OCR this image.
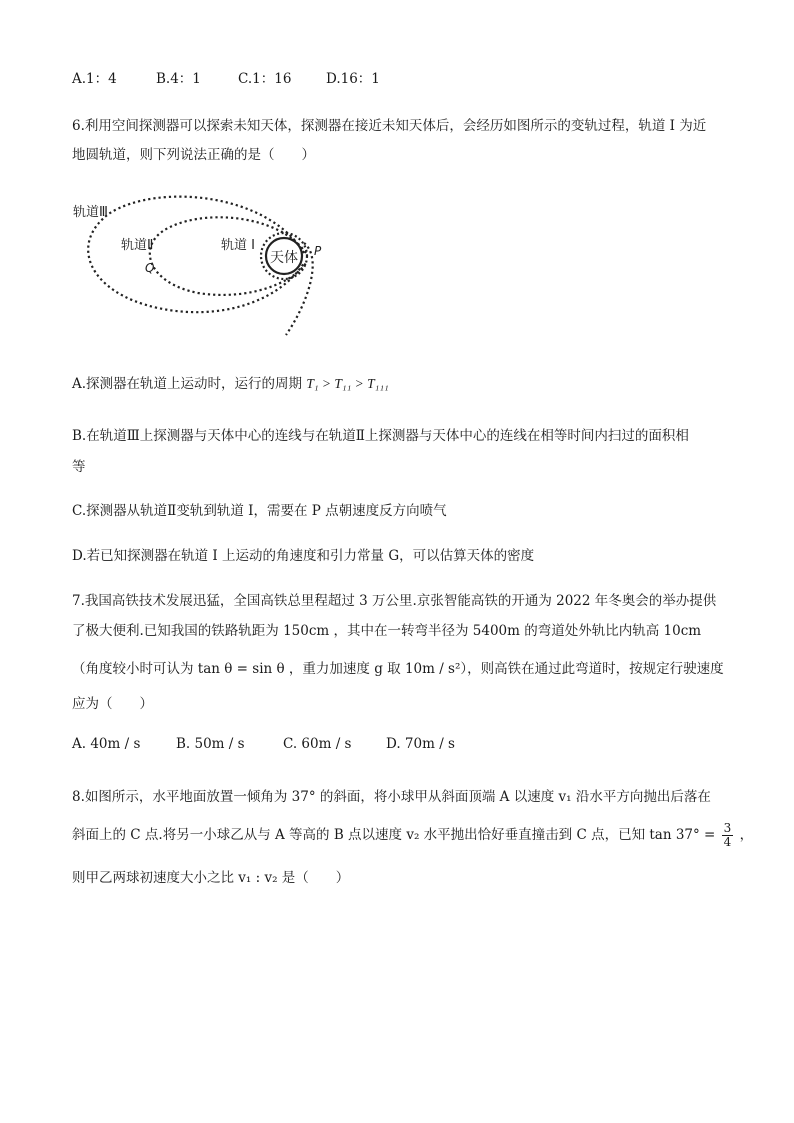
A.1：4	B.4：1	C.1：16	D.16：1
6.利用空间探测器可以探索未知天体，探测器在接近未知天体后，会经历如图所示的变轨过程，轨道 I 为近
地圆轨道，则下列说法正确的是（　　）
天体
轨道Ⅲ
轨道Ⅱ	轨道 I
Q
P
A.探测器在轨道上运动时，运行的周期 T₁ > T₁₁ > T₁₁₁
B.在轨道Ⅲ上探测器与天体中心的连线与在轨道Ⅱ上探测器与天体中心的连线在相等时间内扫过的面积相
等
C.探测器从轨道Ⅱ变轨到轨道 I，需要在 P 点朝速度反方向喷气
D.若已知探测器在轨道 I 上运动的角速度和引力常量 G，可以估算天体的密度
7.我国高铁技术发展迅猛，全国高铁总里程超过 3 万公里.京张智能高铁的开通为 2022 年冬奥会的举办提供
了极大便利.已知我国的铁路轨距为 150cm ，其中在一转弯半径为 5400m 的弯道处外轨比内轨高 10cm
（角度较小时可认为 tan θ = sin θ ，重力加速度 g 取 10m / s²），则高铁在通过此弯道时，按规定行驶速度
应为（　　）
A. 40m / s	B. 50m / s	C. 60m / s	D. 70m / s
8.如图所示，水平地面放置一倾角为 37° 的斜面，将小球甲从斜面顶端 A 以速度 v₁ 沿水平方向抛出后落在
斜面上的 C 点.将另一小球乙从与 A 等高的 B 点以速度 v₂ 水平抛出恰好垂直撞击到 C 点，已知 $\tan 37^\circ = \frac{3}{4}$ ，
则甲乙两球初速度大小之比 v₁ : v₂ 是（　　）
